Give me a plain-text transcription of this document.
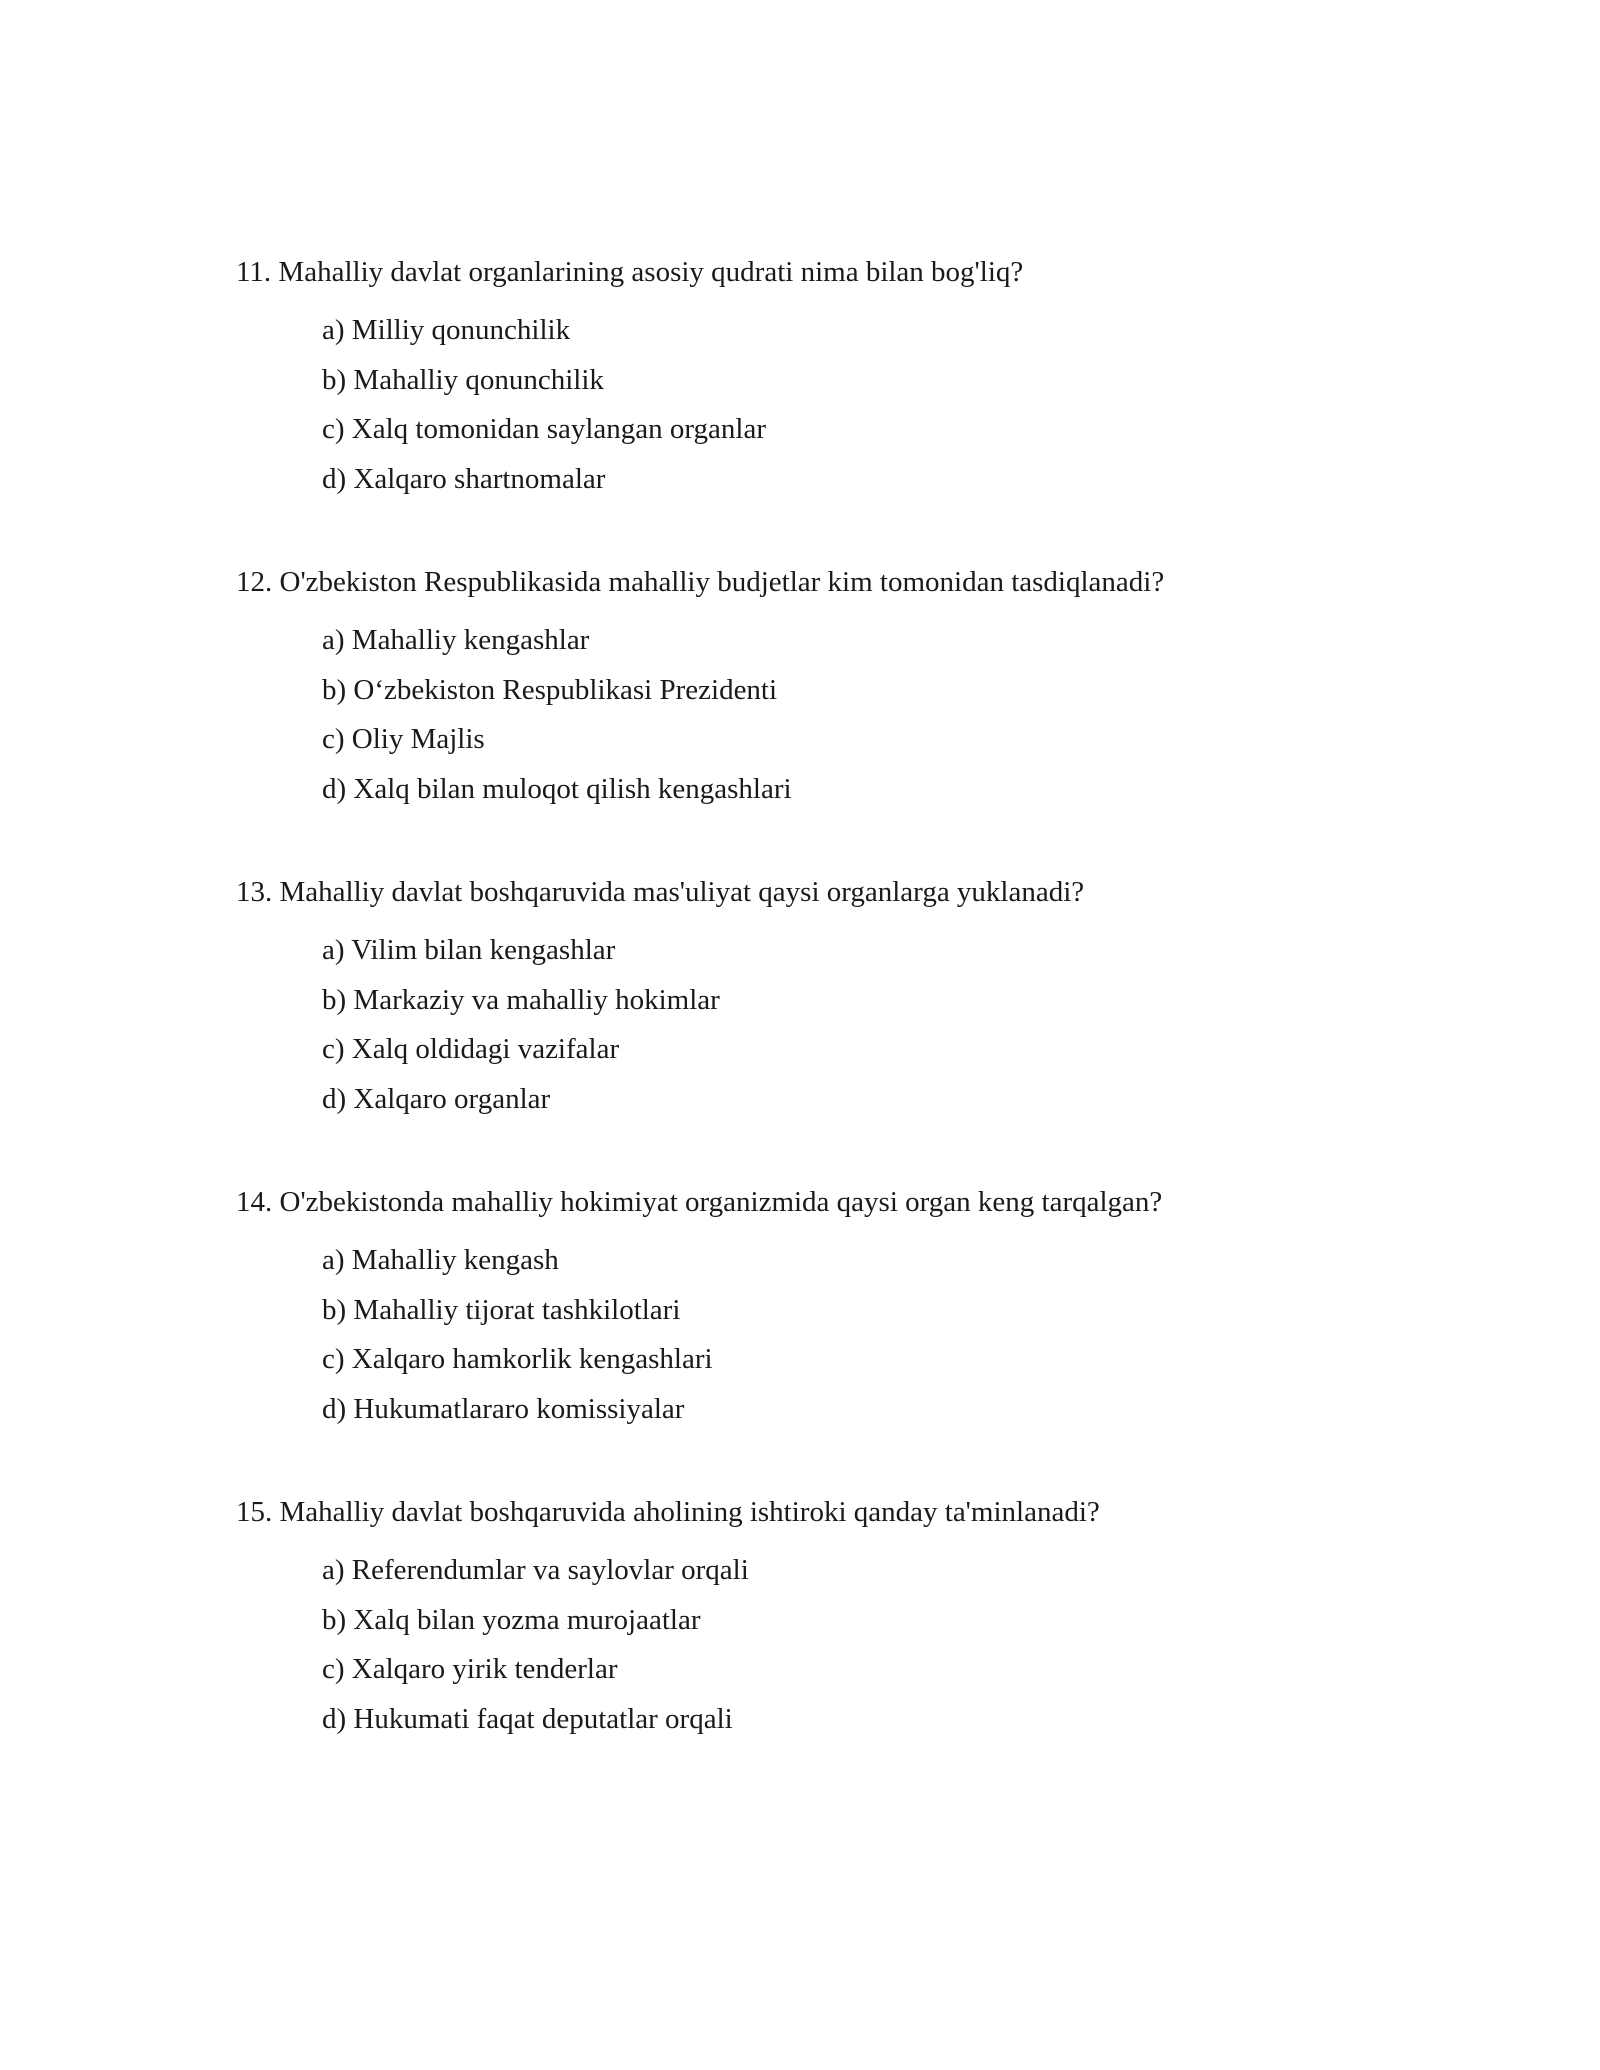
11. Mahalliy davlat organlarining asosiy qudrati nima bilan bog'liq?
a) Milliy qonunchilik
b) Mahalliy qonunchilik
c) Xalq tomonidan saylangan organlar
d) Xalqaro shartnomalar
12. O'zbekiston Respublikasida mahalliy budjetlar kim tomonidan tasdiqlanadi?
a) Mahalliy kengashlar
b) O‘zbekiston Respublikasi Prezidenti
c) Oliy Majlis
d) Xalq bilan muloqot qilish kengashlari
13. Mahalliy davlat boshqaruvida mas'uliyat qaysi organlarga yuklanadi?
a) Vilim bilan kengashlar
b) Markaziy va mahalliy hokimlar
c) Xalq oldidagi vazifalar
d) Xalqaro organlar
14. O'zbekistonda mahalliy hokimiyat organizmida qaysi organ keng tarqalgan?
a) Mahalliy kengash
b) Mahalliy tijorat tashkilotlari
c) Xalqaro hamkorlik kengashlari
d) Hukumatlararo komissiyalar
15. Mahalliy davlat boshqaruvida aholining ishtiroki qanday ta'minlanadi?
a) Referendumlar va saylovlar orqali
b) Xalq bilan yozma murojaatlar
c) Xalqaro yirik tenderlar
d) Hukumati faqat deputatlar orqali
